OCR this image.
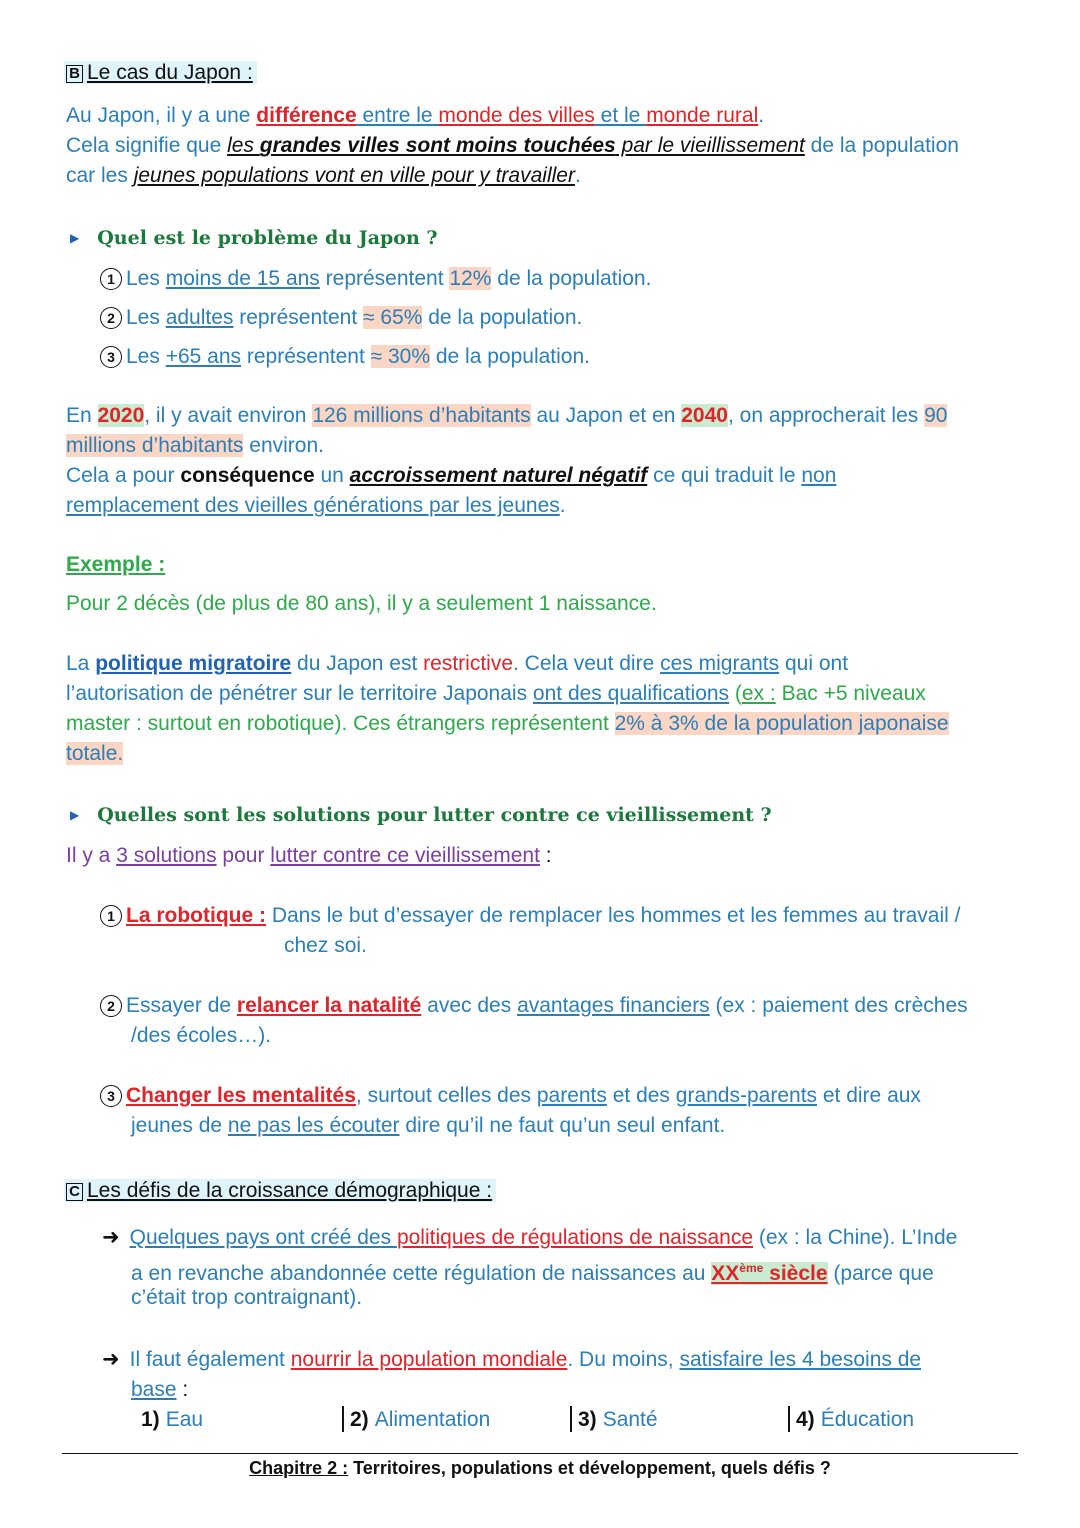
B Le cas du Japon :
Au Japon, il y a une différence entre le monde des villes et le monde rural.
Cela signifie que les grandes villes sont moins touchées par le vieillissement de la population
car les jeunes populations vont en ville pour y travailler.
▶ Quel est le problème du Japon ?
1 Les moins de 15 ans représentent 12% de la population.
2 Les adultes représentent ≈ 65% de la population.
3 Les +65 ans représentent ≈ 30% de la population.
En 2020, il y avait environ 126 millions d’habitants au Japon et en 2040, on approcherait les 90
millions d’habitants environ.
Cela a pour conséquence un accroissement naturel négatif ce qui traduit le non
remplacement des vieilles générations par les jeunes.
Exemple :
Pour 2 décès (de plus de 80 ans), il y a seulement 1 naissance.
La politique migratoire du Japon est restrictive. Cela veut dire ces migrants qui ont
l’autorisation de pénétrer sur le territoire Japonais ont des qualifications (ex : Bac +5 niveaux
master : surtout en robotique). Ces étrangers représentent 2% à 3% de la population japonaise
totale.
▶ Quelles sont les solutions pour lutter contre ce vieillissement ?
Il y a 3 solutions pour lutter contre ce vieillissement :
1 La robotique : Dans le but d’essayer de remplacer les hommes et les femmes au travail /
chez soi.
2 Essayer de relancer la natalité avec des avantages financiers (ex : paiement des crèches
/des écoles…).
3 Changer les mentalités, surtout celles des parents et des grands-parents et dire aux
jeunes de ne pas les écouter dire qu’il ne faut qu’un seul enfant.
C Les défis de la croissance démographique :
➜ Quelques pays ont créé des politiques de régulations de naissance (ex : la Chine). L’Inde
a en revanche abandonnée cette régulation de naissances au XXème siècle (parce que
c’était trop contraignant).
➜ Il faut également nourrir la population mondiale. Du moins, satisfaire les 4 besoins de
base :
1) Eau	2) Alimentation	3) Santé	4) Éducation
Chapitre 2 : Territoires, populations et développement, quels défis ?
